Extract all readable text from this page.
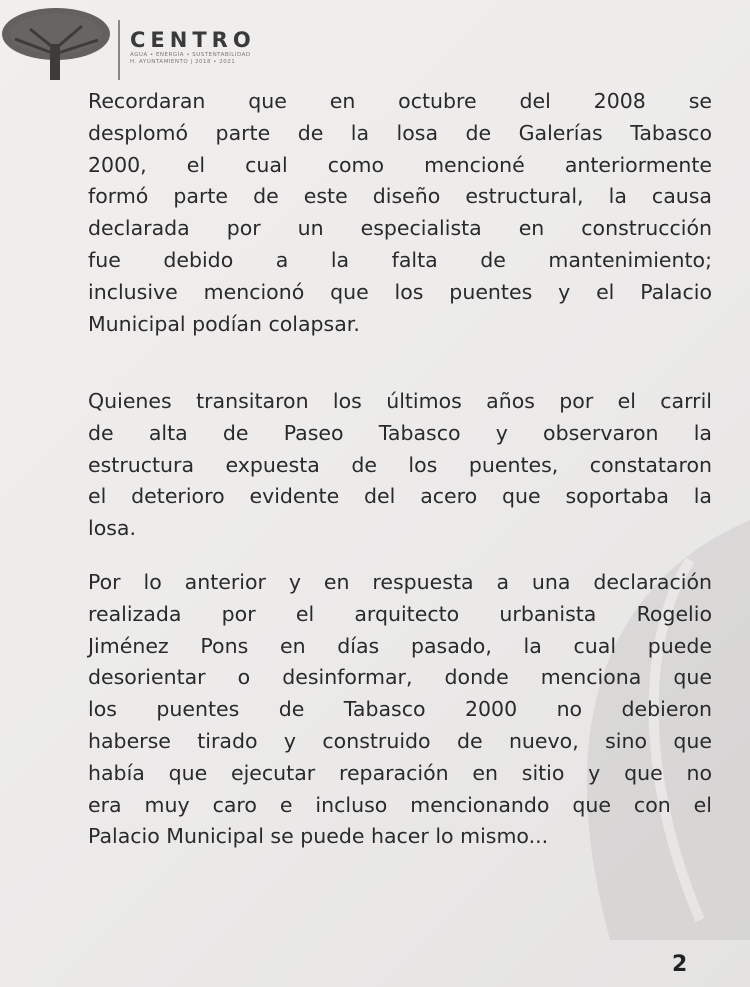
CENTRO
AGUA • ENERGÍA • SUSTENTABILIDAD
H. AYUNTAMIENTO | 2018 • 2021
Recordaran que en octubre del 2008 se
desplomó parte de la losa de Galerías Tabasco
2000, el cual como mencioné anteriormente
formó parte de este diseño estructural, la causa
declarada por un especialista en construcción
fue debido a la falta de mantenimiento;
inclusive mencionó que los puentes y el Palacio
Municipal podían colapsar.
Quienes transitaron los últimos años por el carril
de alta de Paseo Tabasco y observaron la
estructura expuesta de los puentes, constataron
el deterioro evidente del acero que soportaba la
losa.
Por lo anterior y en respuesta a una declaración
realizada por el arquitecto urbanista Rogelio
Jiménez Pons en días pasado, la cual puede
desorientar o desinformar, donde menciona que
los puentes de Tabasco 2000 no debieron
haberse tirado y construido de nuevo, sino que
había que ejecutar reparación en sitio y que no
era muy caro e incluso mencionando que con el
Palacio Municipal se puede hacer lo mismo...
2
